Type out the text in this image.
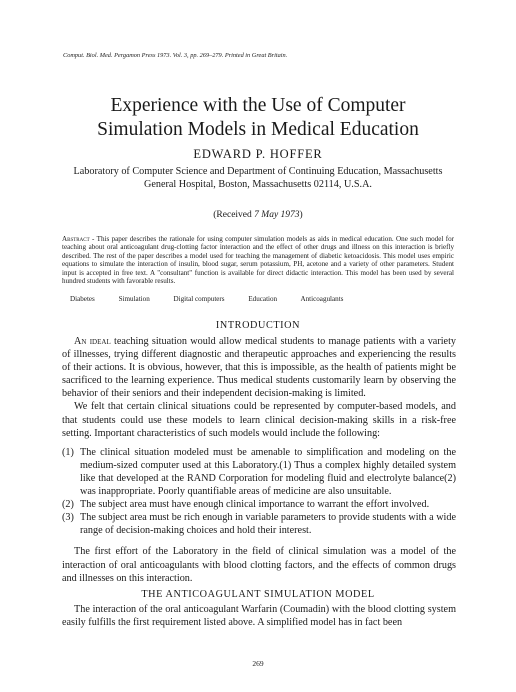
Comput. Biol. Med. Pergamon Press 1973. Vol. 3, pp. 269–279. Printed in Great Britain.
Experience with the Use of Computer
Simulation Models in Medical Education
EDWARD P. HOFFER
Laboratory of Computer Science and Department of Continuing Education, Massachusetts
General Hospital, Boston, Massachusetts 02114, U.S.A.
(Received 7 May 1973)
Abstract - This paper describes the rationale for using computer simulation models as aids in medical education. One such model for teaching about oral anticoagulant drug-clotting factor interaction and the effect of other drugs and illness on this interaction is briefly described. The rest of the paper describes a model used for teaching the management of diabetic ketoacidosis. This model uses empiric equations to simulate the interaction of insulin, blood sugar, serum potassium, PH, acetone and a variety of other parameters. Student input is accepted in free text. A "consultant" function is available for direct didactic interaction. This model has been used by several hundred students with favorable results.
Diabetes	Simulation	Digital computers	Education	Anticoagulants
INTRODUCTION

An ideal teaching situation would allow medical students to manage patients with a variety of illnesses, trying different diagnostic and therapeutic approaches and experiencing the results of their actions. It is obvious, however, that this is impossible, as the health of patients might be sacrificed to the learning experience. Thus medical students customarily learn by observing the behavior of their seniors and their independent decision-making is limited.

We felt that certain clinical situations could be represented by computer-based models, and that students could use these models to learn clinical decision-making skills in a risk-free setting. Important characteristics of such models would include the following:

(1) The clinical situation modeled must be amenable to simplification and modeling on the medium-sized computer used at this Laboratory.(1) Thus a complex highly detailed system like that developed at the RAND Corporation for modeling fluid and electrolyte balance(2) was inappropriate. Poorly quantifiable areas of medicine are also unsuitable.
(2) The subject area must have enough clinical importance to warrant the effort involved.
(3) The subject area must be rich enough in variable parameters to provide students with a wide range of decision-making choices and hold their interest.

The first effort of the Laboratory in the field of clinical simulation was a model of the interaction of oral anticoagulants with blood clotting factors, and the effects of common drugs and illnesses on this interaction.

THE ANTICOAGULANT SIMULATION MODEL

The interaction of the oral anticoagulant Warfarin (Coumadin) with the blood clotting system easily fulfills the first requirement listed above. A simplified model has in fact been

269
